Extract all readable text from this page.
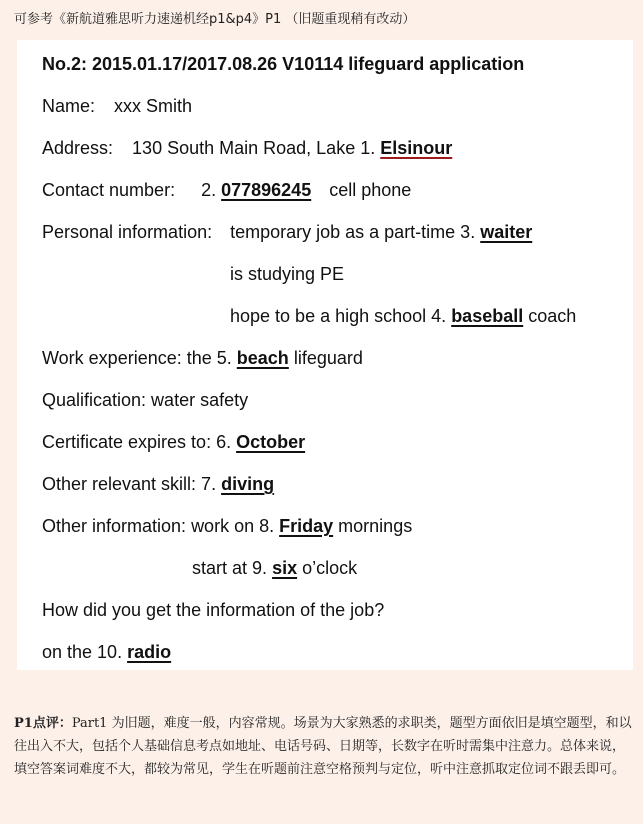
可参考《新航道雅思听力速递机经p1&p4》P1 （旧题重现稍有改动）
No.2: 2015.01.17/2017.08.26 V10114 lifeguard application
Name: xxx Smith
Address: 130 South Main Road, Lake 1. Elsinour
Contact number: 2. 077896245 cell phone
Personal information: temporary job as a part-time 3. waiter
is studying PE
hope to be a high school 4. baseball coach
Work experience: the 5. beach lifeguard
Qualification: water safety
Certificate expires to: 6. October
Other relevant skill: 7. diving
Other information: work on 8. Friday mornings
start at 9. six o’clock
How did you get the information of the job?
on the 10. radio
P1点评：Part1 为旧题，难度一般，内容常规。场景为大家熟悉的求职类，题型方面依旧是填空题型，和以往出入不大，包括个人基础信息考点如地址、电话号码、日期等，长数字在听时需集中注意力。总体来说，填空答案词难度不大，都较为常见，学生在听题前注意空格预判与定位，听中注意抓取定位词不跟丢即可。
